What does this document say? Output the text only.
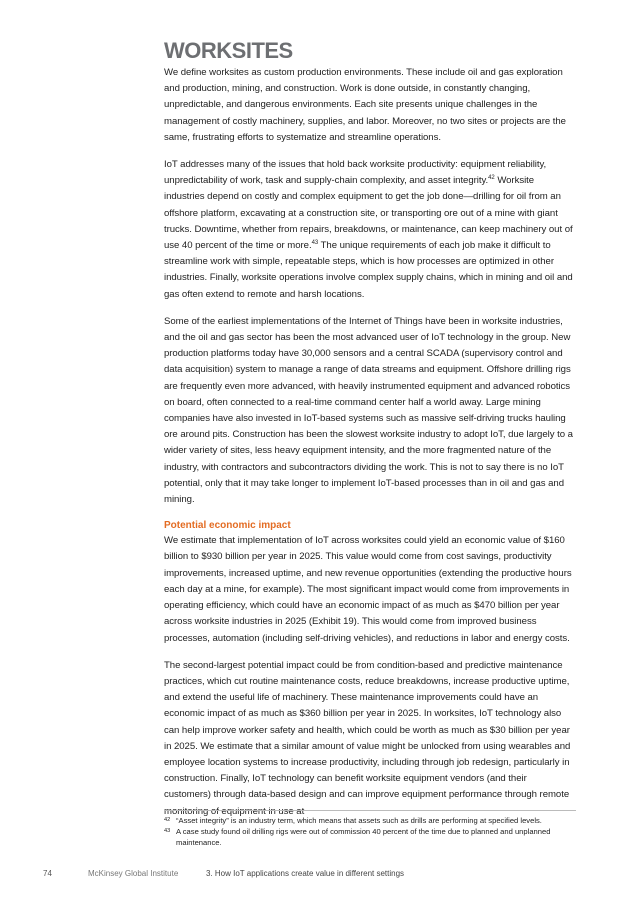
WORKSITES

We define worksites as custom production environments. These include oil and gas exploration and production, mining, and construction. Work is done outside, in constantly changing, unpredictable, and dangerous environments. Each site presents unique challenges in the management of costly machinery, supplies, and labor. Moreover, no two sites or projects are the same, frustrating efforts to systematize and streamline operations.

IoT addresses many of the issues that hold back worksite productivity: equipment reliability, unpredictability of work, task and supply-chain complexity, and asset integrity.$^{42}$ Worksite industries depend on costly and complex equipment to get the job done—drilling for oil from an offshore platform, excavating at a construction site, or transporting ore out of a mine with giant trucks. Downtime, whether from repairs, breakdowns, or maintenance, can keep machinery out of use 40 percent of the time or more.$^{43}$ The unique requirements of each job make it difficult to streamline work with simple, repeatable steps, which is how processes are optimized in other industries. Finally, worksite operations involve complex supply chains, which in mining and oil and gas often extend to remote and harsh locations.

Some of the earliest implementations of the Internet of Things have been in worksite industries, and the oil and gas sector has been the most advanced user of IoT technology in the group. New production platforms today have 30,000 sensors and a central SCADA (supervisory control and data acquisition) system to manage a range of data streams and equipment. Offshore drilling rigs are frequently even more advanced, with heavily instrumented equipment and advanced robotics on board, often connected to a real-time command center half a world away. Large mining companies have also invested in IoT-based systems such as massive self-driving trucks hauling ore around pits. Construction has been the slowest worksite industry to adopt IoT, due largely to a wider variety of sites, less heavy equipment intensity, and the more fragmented nature of the industry, with contractors and subcontractors dividing the work. This is not to say there is no IoT potential, only that it may take longer to implement IoT-based processes than in oil and gas and mining.

Potential economic impact

We estimate that implementation of IoT across worksites could yield an economic value of $160 billion to $930 billion per year in 2025. This value would come from cost savings, productivity improvements, increased uptime, and new revenue opportunities (extending the productive hours each day at a mine, for example). The most significant impact would come from improvements in operating efficiency, which could have an economic impact of as much as $470 billion per year across worksite industries in 2025 (Exhibit 19). This would come from improved business processes, automation (including self-driving vehicles), and reductions in labor and energy costs.

The second-largest potential impact could be from condition-based and predictive maintenance practices, which cut routine maintenance costs, reduce breakdowns, increase productive uptime, and extend the useful life of machinery. These maintenance improvements could have an economic impact of as much as $360 billion per year in 2025. In worksites, IoT technology also can help improve worker safety and health, which could be worth as much as $30 billion per year in 2025. We estimate that a similar amount of value might be unlocked from using wearables and employee location systems to increase productivity, including through job redesign, particularly in construction. Finally, IoT technology can benefit worksite equipment vendors (and their customers) through data-based design and can improve equipment performance through remote monitoring of equipment in use at

42 “Asset integrity” is an industry term, which means that assets such as drills are performing at specified levels.
43 A case study found oil drilling rigs were out of commission 40 percent of the time due to planned and unplanned maintenance.
74	McKinsey Global Institute	3. How IoT applications create value in different settings
